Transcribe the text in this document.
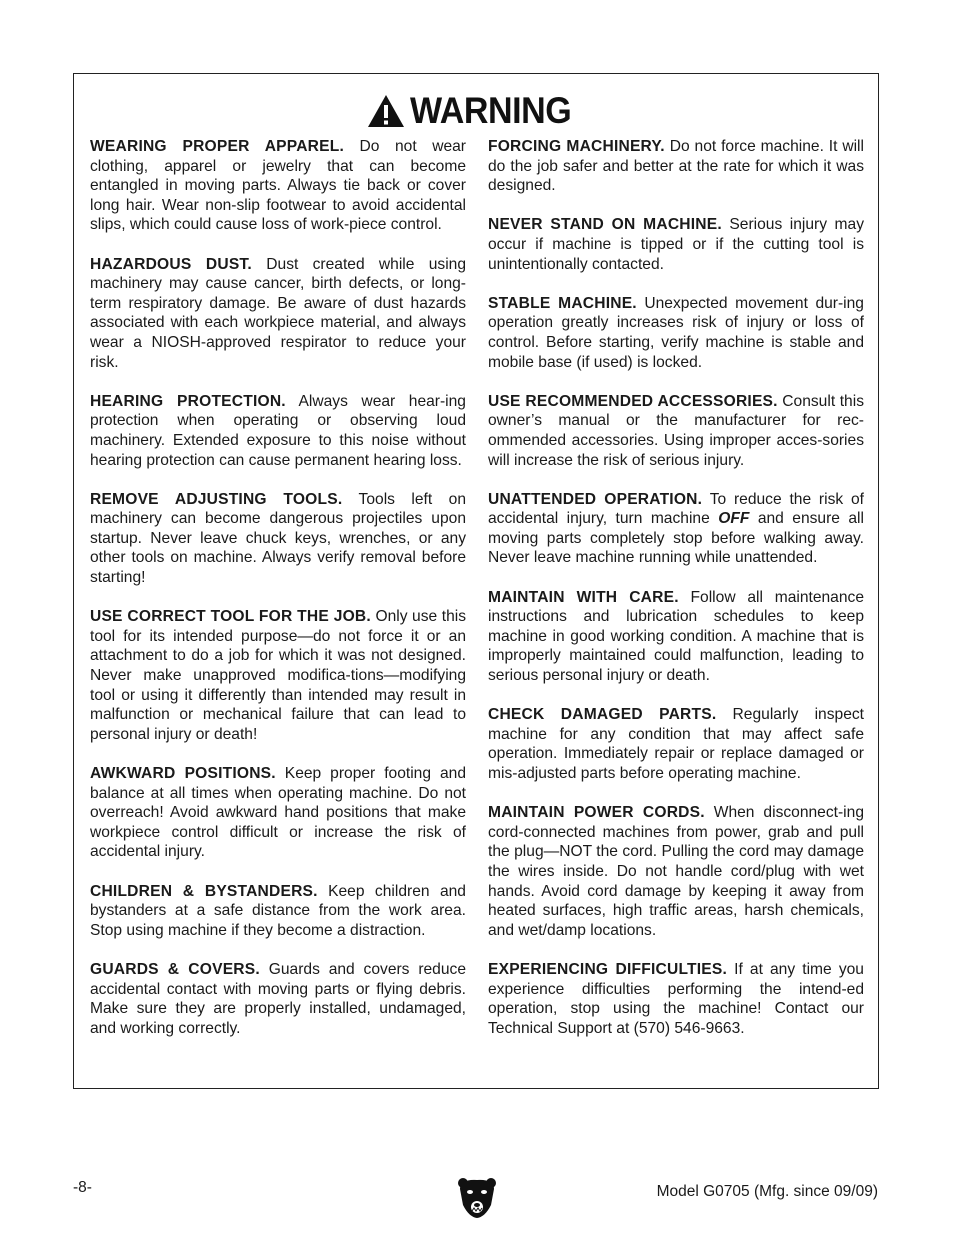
WARNING

WEARING PROPER APPAREL. Do not wear clothing, apparel or jewelry that can become entangled in moving parts. Always tie back or cover long hair. Wear non-slip footwear to avoid accidental slips, which could cause loss of work-piece control.

HAZARDOUS DUST. Dust created while using machinery may cause cancer, birth defects, or long-term respiratory damage. Be aware of dust hazards associated with each workpiece material, and always wear a NIOSH-approved respirator to reduce your risk.

HEARING PROTECTION. Always wear hear-ing protection when operating or observing loud machinery. Extended exposure to this noise without hearing protection can cause permanent hearing loss.

REMOVE ADJUSTING TOOLS. Tools left on machinery can become dangerous projectiles upon startup. Never leave chuck keys, wrenches, or any other tools on machine. Always verify removal before starting!

USE CORRECT TOOL FOR THE JOB. Only use this tool for its intended purpose—do not force it or an attachment to do a job for which it was not designed. Never make unapproved modifica-tions—modifying tool or using it differently than intended may result in malfunction or mechanical failure that can lead to personal injury or death!

AWKWARD POSITIONS. Keep proper footing and balance at all times when operating machine. Do not overreach! Avoid awkward hand positions that make workpiece control difficult or increase the risk of accidental injury.

CHILDREN & BYSTANDERS. Keep children and bystanders at a safe distance from the work area. Stop using machine if they become a distraction.

GUARDS & COVERS. Guards and covers reduce accidental contact with moving parts or flying debris. Make sure they are properly installed, undamaged, and working correctly.

FORCING MACHINERY. Do not force machine. It will do the job safer and better at the rate for which it was designed.

NEVER STAND ON MACHINE. Serious injury may occur if machine is tipped or if the cutting tool is unintentionally contacted.

STABLE MACHINE. Unexpected movement dur-ing operation greatly increases risk of injury or loss of control. Before starting, verify machine is stable and mobile base (if used) is locked.

USE RECOMMENDED ACCESSORIES. Consult this owner’s manual or the manufacturer for rec-ommended accessories. Using improper acces-sories will increase the risk of serious injury.

UNATTENDED OPERATION. To reduce the risk of accidental injury, turn machine OFF and ensure all moving parts completely stop before walking away. Never leave machine running while unattended.

MAINTAIN WITH CARE. Follow all maintenance instructions and lubrication schedules to keep machine in good working condition. A machine that is improperly maintained could malfunction, leading to serious personal injury or death.

CHECK DAMAGED PARTS. Regularly inspect machine for any condition that may affect safe operation. Immediately repair or replace damaged or mis-adjusted parts before operating machine.

MAINTAIN POWER CORDS. When disconnect-ing cord-connected machines from power, grab and pull the plug—NOT the cord. Pulling the cord may damage the wires inside. Do not handle cord/plug with wet hands. Avoid cord damage by keeping it away from heated surfaces, high traffic areas, harsh chemicals, and wet/damp locations.

EXPERIENCING DIFFICULTIES. If at any time you experience difficulties performing the intend-ed operation, stop using the machine! Contact our Technical Support at (570) 546-9663.

-8-	Model G0705 (Mfg. since 09/09)
